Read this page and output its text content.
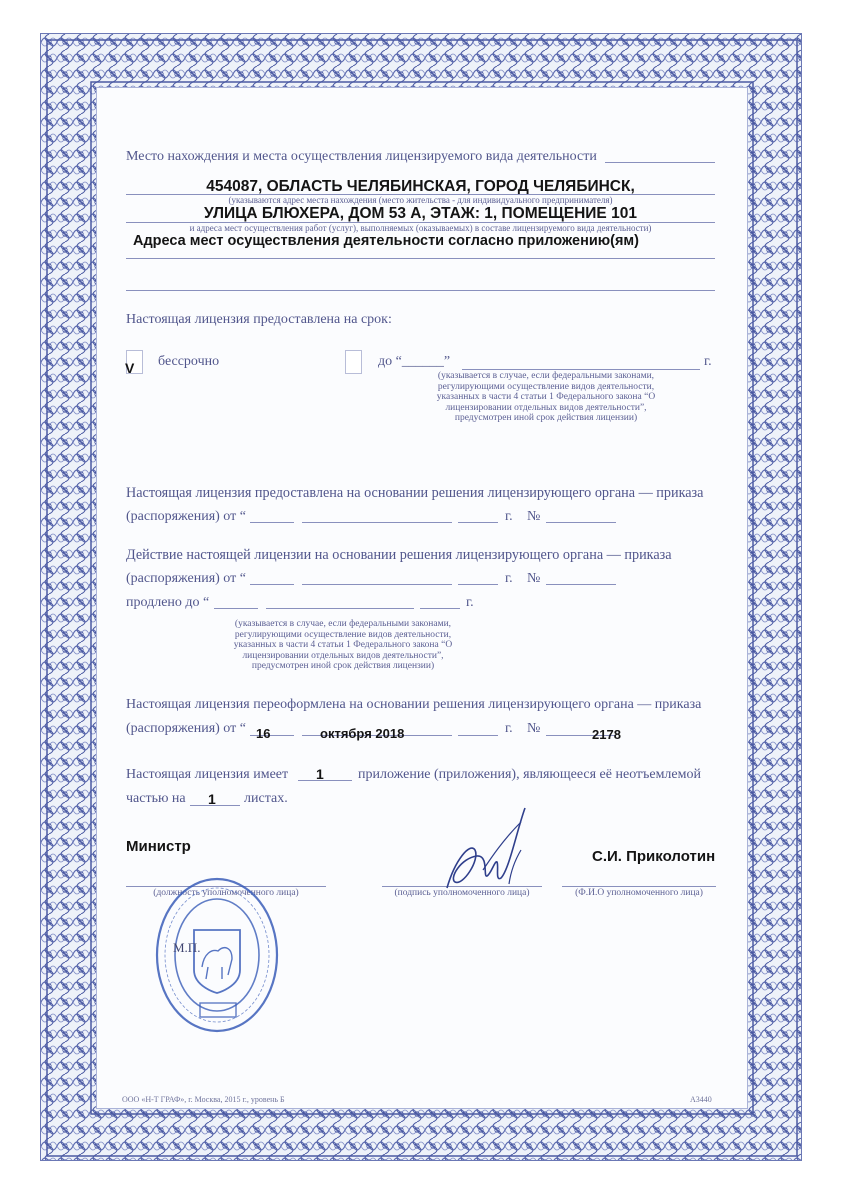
Место нахождения и места осуществления лицензируемого вида деятельности
454087, ОБЛАСТЬ ЧЕЛЯБИНСКАЯ, ГОРОД ЧЕЛЯБИНСК,
(указываются адрес места нахождения (место жительства - для индивидуального предпринимателя)
УЛИЦА БЛЮХЕРА, ДОМ 53 А, ЭТАЖ: 1, ПОМЕЩЕНИЕ 101
и адреса мест осуществления работ (услуг), выполняемых (оказываемых) в составе лицензируемого вида деятельности)
Адреса мест осуществления деятельности согласно приложению(ям)
Настоящая лицензия предоставлена на срок:
V бессрочно	до “______”	г.
(указывается в случае, если федеральными законами, регулирующими осуществление видов деятельности, указанных в части 4 статьи 1 Федерального закона “О лицензировании отдельных видов деятельности”, предусмотрен иной срок действия лицензии)
Настоящая лицензия предоставлена на основании решения лицензирующего органа — приказа
(распоряжения) от “	г. №
Действие настоящей лицензии на основании решения лицензирующего органа — приказа
(распоряжения) от “	г. №
продлено до “	г.
(указывается в случае, если федеральными законами, регулирующими осуществление видов деятельности, указанных в части 4 статьи 1 Федерального закона “О лицензировании отдельных видов деятельности”, предусмотрен иной срок действия лицензии)
Настоящая лицензия переоформлена на основании решения лицензирующего органа — приказа
(распоряжения) от “ 16	октября 2018	г. №	2178
Настоящая лицензия имеет 1 приложение (приложения), являющееся её неотъемлемой
частью на 1 листах.
Министр
С.И. Приколотин
(должность уполномоченного лица)	(подпись уполномоченного лица)	(Ф.И.О уполномоченного лица)
М.П.
ООО «Н-Т ГРАФ», г. Москва, 2015 г., уровень Б	А3440
